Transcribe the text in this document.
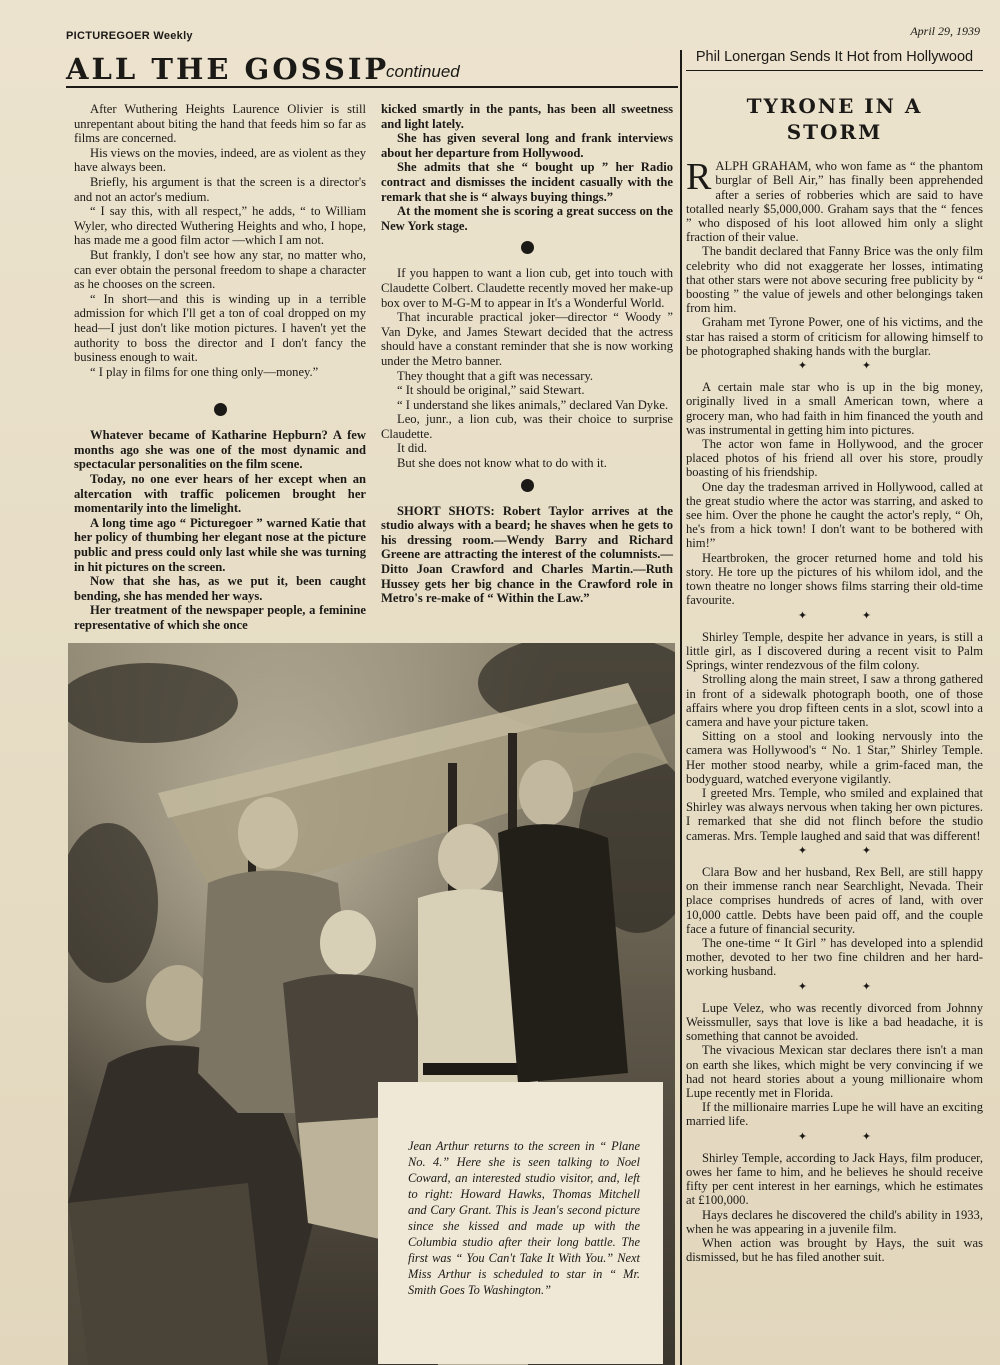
PICTUREGOER Weekly	April 29, 1939
ALL THE GOSSIP
continued

After Wuthering Heights Laurence Olivier is still unrepentant about biting the hand that feeds him so far as films are concerned.

His views on the movies, indeed, are as violent as they have always been.

Briefly, his argument is that the screen is a director's and not an actor's medium.

“ I say this, with all respect,” he adds, “ to William Wyler, who directed Wuthering Heights and who, I hope, has made me a good film actor —which I am not.

But frankly, I don't see how any star, no matter who, can ever obtain the personal freedom to shape a character as he chooses on the screen.

“ In short—and this is winding up in a terrible admission for which I'll get a ton of coal dropped on my head—I just don't like motion pictures. I haven't yet the authority to boss the director and I don't fancy the business enough to wait.

“ I play in films for one thing only—money.”

Whatever became of Katharine Hepburn? A few months ago she was one of the most dynamic and spectacular personalities on the film scene.

Today, no one ever hears of her except when an altercation with traffic policemen brought her momentarily into the limelight.

A long time ago “ Picturegoer ” warned Katie that her policy of thumbing her elegant nose at the picture public and press could only last while she was turning in hit pictures on the screen.

Now that she has, as we put it, been caught bending, she has mended her ways.

Her treatment of the newspaper people, a feminine representative of which she once

kicked smartly in the pants, has been all sweetness and light lately.

She has given several long and frank interviews about her departure from Hollywood.

She admits that she “ bought up ” her Radio contract and dismisses the incident casually with the remark that she is “ always buying things.”

At the moment she is scoring a great success on the New York stage.

If you happen to want a lion cub, get into touch with Claudette Colbert. Claudette recently moved her make-up box over to M-G-M to appear in It's a Wonderful World.

That incurable practical joker—director “ Woody ” Van Dyke, and James Stewart decided that the actress should have a constant reminder that she is now working under the Metro banner.

They thought that a gift was necessary.

“ It should be original,” said Stewart.

“ I understand she likes animals,” declared Van Dyke.

Leo, junr., a lion cub, was their choice to surprise Claudette.

It did.

But she does not know what to do with it.

SHORT SHOTS: Robert Taylor arrives at the studio always with a beard; he shaves when he gets to his dressing room.—Wendy Barry and Richard Greene are attracting the interest of the columnists.—Ditto Joan Crawford and Charles Martin.—Ruth Hussey gets her big chance in the Crawford role in Metro's re-make of “ Within the Law.”

Phil Lonergan Sends It Hot from Hollywood
TYRONE IN A
STORM

RALPH GRAHAM, who won fame as “ the phantom burglar of Bell Air,” has finally been apprehended after a series of robberies which are said to have totalled nearly $5,000,000. Graham says that the “ fences ” who disposed of his loot allowed him only a slight fraction of their value.

The bandit declared that Fanny Brice was the only film celebrity who did not exaggerate her losses, intimating that other stars were not above securing free publicity by “ boosting ” the value of jewels and other belongings taken from him.

Graham met Tyrone Power, one of his victims, and the star has raised a storm of criticism for allowing himself to be photographed shaking hands with the burglar.

✦ ✦

A certain male star who is up in the big money, originally lived in a small American town, where a grocery man, who had faith in him financed the youth and was instrumental in getting him into pictures.

The actor won fame in Hollywood, and the grocer placed photos of his friend all over his store, proudly boasting of his friendship.

One day the tradesman arrived in Hollywood, called at the great studio where the actor was starring, and asked to see him. Over the phone he caught the actor's reply, “ Oh, he's from a hick town! I don't want to be bothered with him!”

Heartbroken, the grocer returned home and told his story. He tore up the pictures of his whilom idol, and the town theatre no longer shows films starring their old-time favourite.

✦ ✦

Shirley Temple, despite her advance in years, is still a little girl, as I discovered during a recent visit to Palm Springs, winter rendezvous of the film colony.

Strolling along the main street, I saw a throng gathered in front of a sidewalk photograph booth, one of those affairs where you drop fifteen cents in a slot, scowl into a camera and have your picture taken.

Sitting on a stool and looking nervously into the camera was Hollywood's “ No. 1 Star,” Shirley Temple. Her mother stood nearby, while a grim-faced man, the bodyguard, watched everyone vigilantly.

I greeted Mrs. Temple, who smiled and explained that Shirley was always nervous when taking her own pictures. I remarked that she did not flinch before the studio cameras. Mrs. Temple laughed and said that was different!

✦ ✦

Clara Bow and her husband, Rex Bell, are still happy on their immense ranch near Searchlight, Nevada. Their place comprises hundreds of acres of land, with over 10,000 cattle. Debts have been paid off, and the couple face a future of financial security.

The one-time “ It Girl ” has developed into a splendid mother, devoted to her two fine children and her hard-working husband.

✦ ✦

Lupe Velez, who was recently divorced from Johnny Weissmuller, says that love is like a bad headache, it is something that cannot be avoided.

The vivacious Mexican star declares there isn't a man on earth she likes, which might be very convincing if we had not heard stories about a young millionaire whom Lupe recently met in Florida.

If the millionaire marries Lupe he will have an exciting married life.

✦ ✦

Shirley Temple, according to Jack Hays, film producer, owes her fame to him, and he believes he should receive fifty per cent interest in her earnings, which he estimates at £100,000.

Hays declares he discovered the child's ability in 1933, when he was appearing in a juvenile film.

When action was brought by Hays, the suit was dismissed, but he has filed another suit.

Jean Arthur returns to the screen in “ Plane No. 4.” Here she is seen talking to Noel Coward, an interested studio visitor, and, left to right: Howard Hawks, Thomas Mitchell and Cary Grant. This is Jean's second picture since she kissed and made up with the Columbia studio after their long battle. The first was “ You Can't Take It With You.” Next Miss Arthur is scheduled to star in “ Mr. Smith Goes To Washington.”
